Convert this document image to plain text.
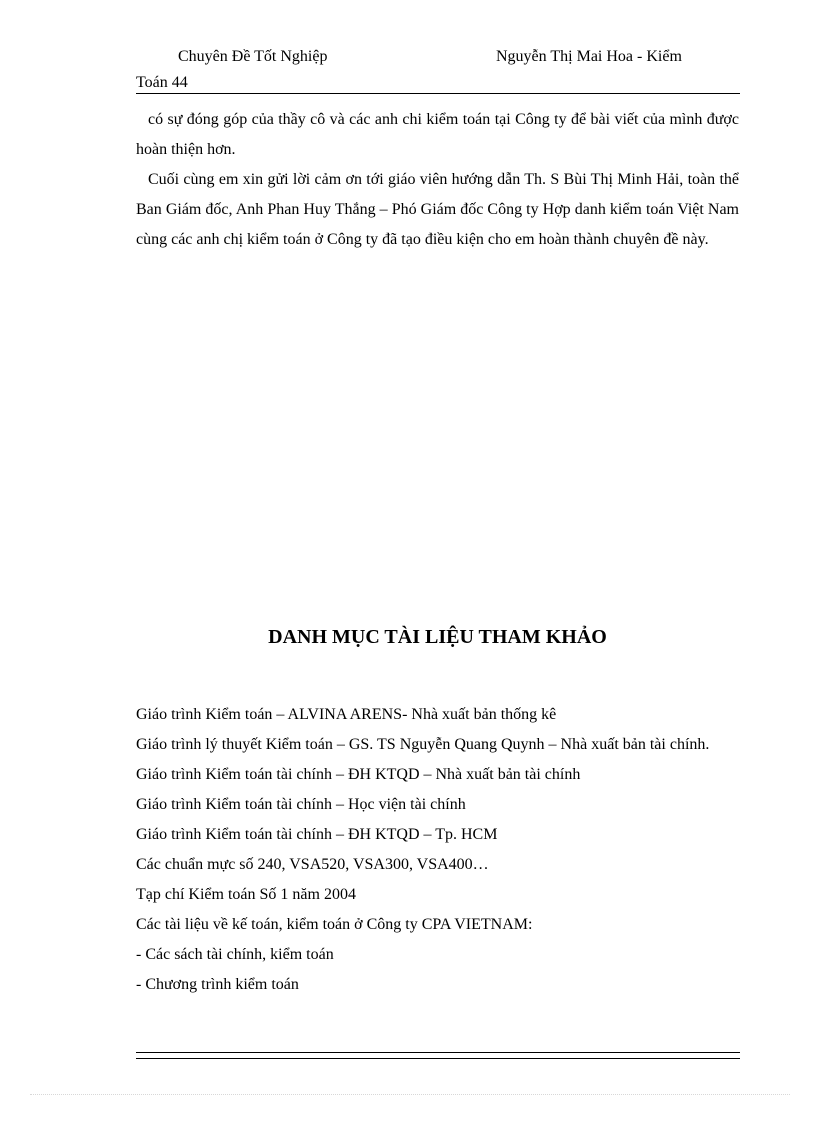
Chuyên Đề Tốt Nghiệp	Nguyễn Thị Mai Hoa - Kiểm
Toán 44

có sự đóng góp của thầy cô và các anh chi kiểm toán tại Công ty để bài viết của mình được hoàn thiện hơn.

Cuối cùng em xin gửi lời cảm ơn tới giáo viên hướng dẫn Th. S Bùi Thị Minh Hải, toàn thể Ban Giám đốc, Anh Phan Huy Thắng – Phó Giám đốc Công ty Hợp danh kiểm toán Việt Nam cùng các anh chị kiểm toán ở Công ty đã tạo điều kiện cho em hoàn thành chuyên đề này.

DANH MỤC TÀI LIỆU THAM KHẢO
Giáo trình Kiểm toán – ALVINA ARENS- Nhà xuất bản thống kê
Giáo trình lý thuyết Kiểm toán – GS. TS Nguyễn Quang Quynh – Nhà xuất bản tài chính.
Giáo trình Kiểm toán tài chính – ĐH KTQD – Nhà xuất bản tài chính
Giáo trình Kiểm toán tài chính – Học viện tài chính
Giáo trình Kiểm toán tài chính – ĐH KTQD – Tp. HCM
Các chuẩn mực số 240, VSA520, VSA300, VSA400…
Tạp chí Kiểm toán Số 1 năm 2004
Các tài liệu về kế toán, kiểm toán ở Công ty CPA VIETNAM:
- Các sách tài chính, kiểm toán
- Chương trình kiểm toán
